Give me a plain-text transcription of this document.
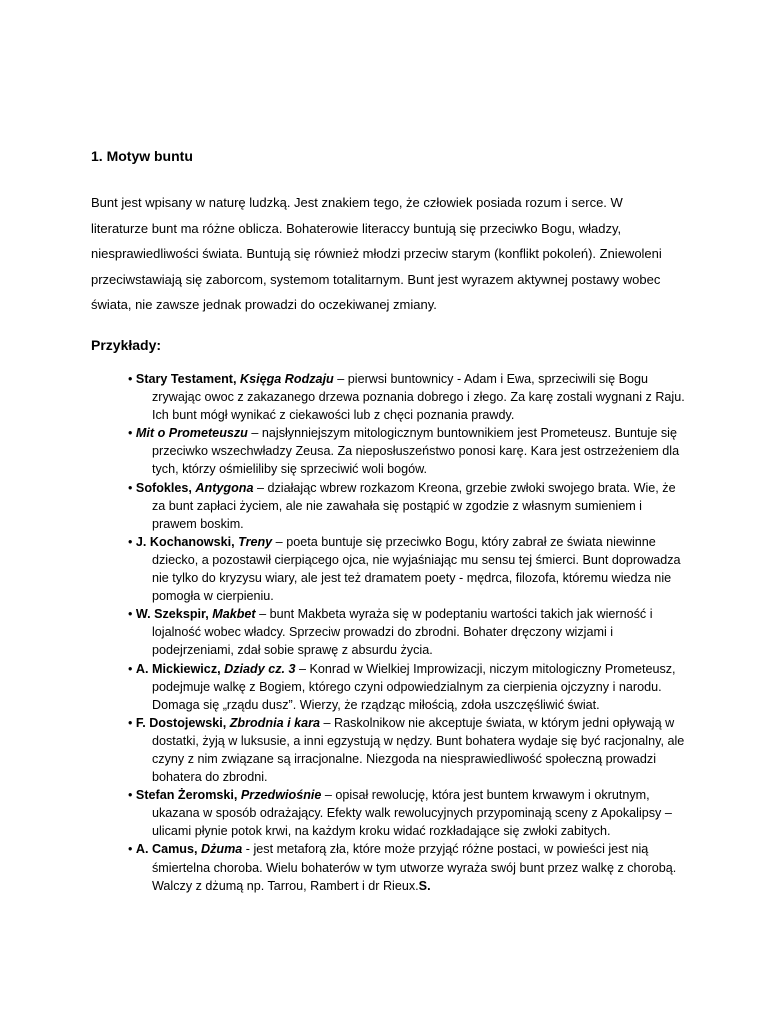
1. Motyw buntu

Bunt jest wpisany w naturę ludzką. Jest znakiem tego, że człowiek posiada rozum i serce. W literaturze bunt ma różne oblicza. Bohaterowie literaccy buntują się przeciwko Bogu, władzy, niesprawiedliwości świata. Buntują się również młodzi przeciw starym (konflikt pokoleń). Zniewoleni przeciwstawiają się zaborcom, systemom totalitarnym. Bunt jest wyrazem aktywnej postawy wobec świata, nie zawsze jednak prowadzi do oczekiwanej zmiany.

Przykłady:
• Stary Testament, Księga Rodzaju – pierwsi buntownicy - Adam i Ewa, sprzeciwili się Bogu zrywając owoc z zakazanego drzewa poznania dobrego i złego. Za karę zostali wygnani z Raju. Ich bunt mógł wynikać z ciekawości lub z chęci poznania prawdy.
• Mit o Prometeuszu – najsłynniejszym mitologicznym buntownikiem jest Prometeusz. Buntuje się przeciwko wszechwładzy Zeusa. Za nieposłuszeństwo ponosi karę. Kara jest ostrzeżeniem dla tych, którzy ośmieliliby się sprzeciwić woli bogów.
• Sofokles, Antygona – działając wbrew rozkazom Kreona, grzebie zwłoki swojego brata. Wie, że za bunt zapłaci życiem, ale nie zawahała się postąpić w zgodzie z własnym sumieniem i prawem boskim.
• J. Kochanowski, Treny – poeta buntuje się przeciwko Bogu, który zabrał ze świata niewinne dziecko, a pozostawił cierpiącego ojca, nie wyjaśniając mu sensu tej śmierci. Bunt doprowadza nie tylko do kryzysu wiary, ale jest też dramatem poety - mędrca, filozofa, któremu wiedza nie pomogła w cierpieniu.
• W. Szekspir, Makbet – bunt Makbeta wyraża się w podeptaniu wartości takich jak wierność i lojalność wobec władcy. Sprzeciw prowadzi do zbrodni. Bohater dręczony wizjami i podejrzeniami, zdał sobie sprawę z absurdu życia.
• A. Mickiewicz, Dziady cz. 3 – Konrad w Wielkiej Improwizacji, niczym mitologiczny Prometeusz, podejmuje walkę z Bogiem, którego czyni odpowiedzialnym za cierpienia ojczyzny i narodu. Domaga się „rządu dusz”. Wierzy, że rządząc miłością, zdoła uszczęśliwić świat.
• F. Dostojewski, Zbrodnia i kara – Raskolnikow nie akceptuje świata, w którym jedni opływają w dostatki, żyją w luksusie, a inni egzystują w nędzy. Bunt bohatera wydaje się być racjonalny, ale czyny z nim związane są irracjonalne. Niezgoda na niesprawiedliwość społeczną prowadzi bohatera do zbrodni.
• Stefan Żeromski, Przedwiośnie – opisał rewolucję, która jest buntem krwawym i okrutnym, ukazana w sposób odrażający. Efekty walk rewolucyjnych przypominają sceny z Apokalipsy – ulicami płynie potok krwi, na każdym kroku widać rozkładające się zwłoki zabitych.
• A. Camus, Dżuma - jest metaforą zła, które może przyjąć różne postaci, w powieści jest nią śmiertelna choroba. Wielu bohaterów w tym utworze wyraża swój bunt przez walkę z chorobą. Walczy z dżumą np. Tarrou, Rambert i dr Rieux.S.
